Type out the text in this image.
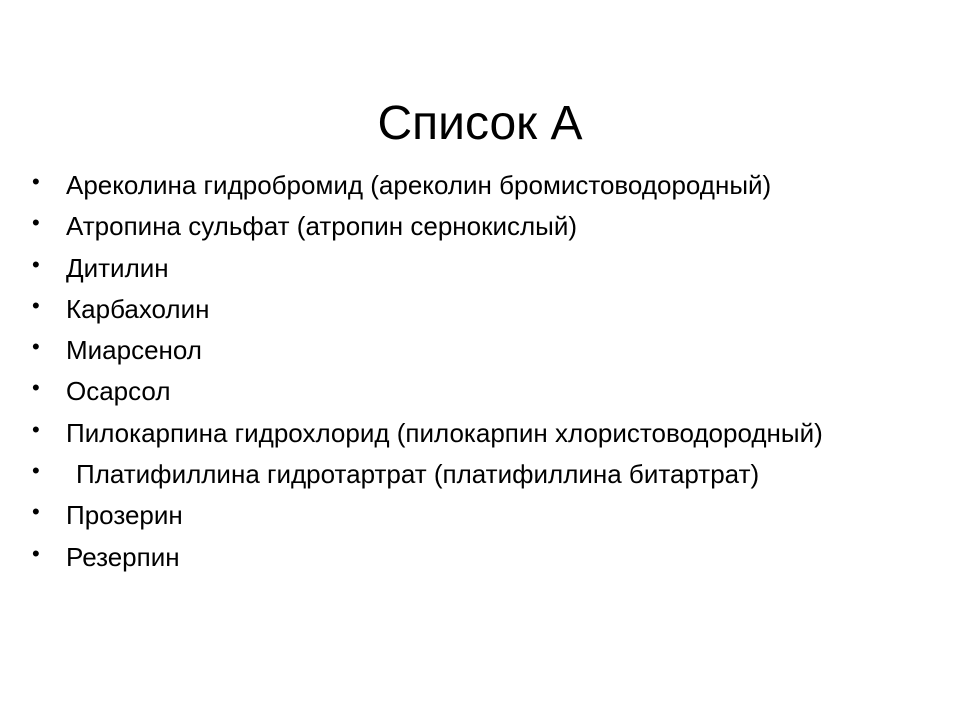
Список А
• Ареколина гидробромид (ареколин бромистоводородный)
• Атропина сульфат (атропин сернокислый)
• Дитилин
• Карбахолин
• Миарсенол
• Осарсол
• Пилокарпина гидрохлорид (пилокарпин хлористоводородный)
• Платифиллина гидротартрат (платифиллина битартрат)
• Прозерин
• Резерпин
